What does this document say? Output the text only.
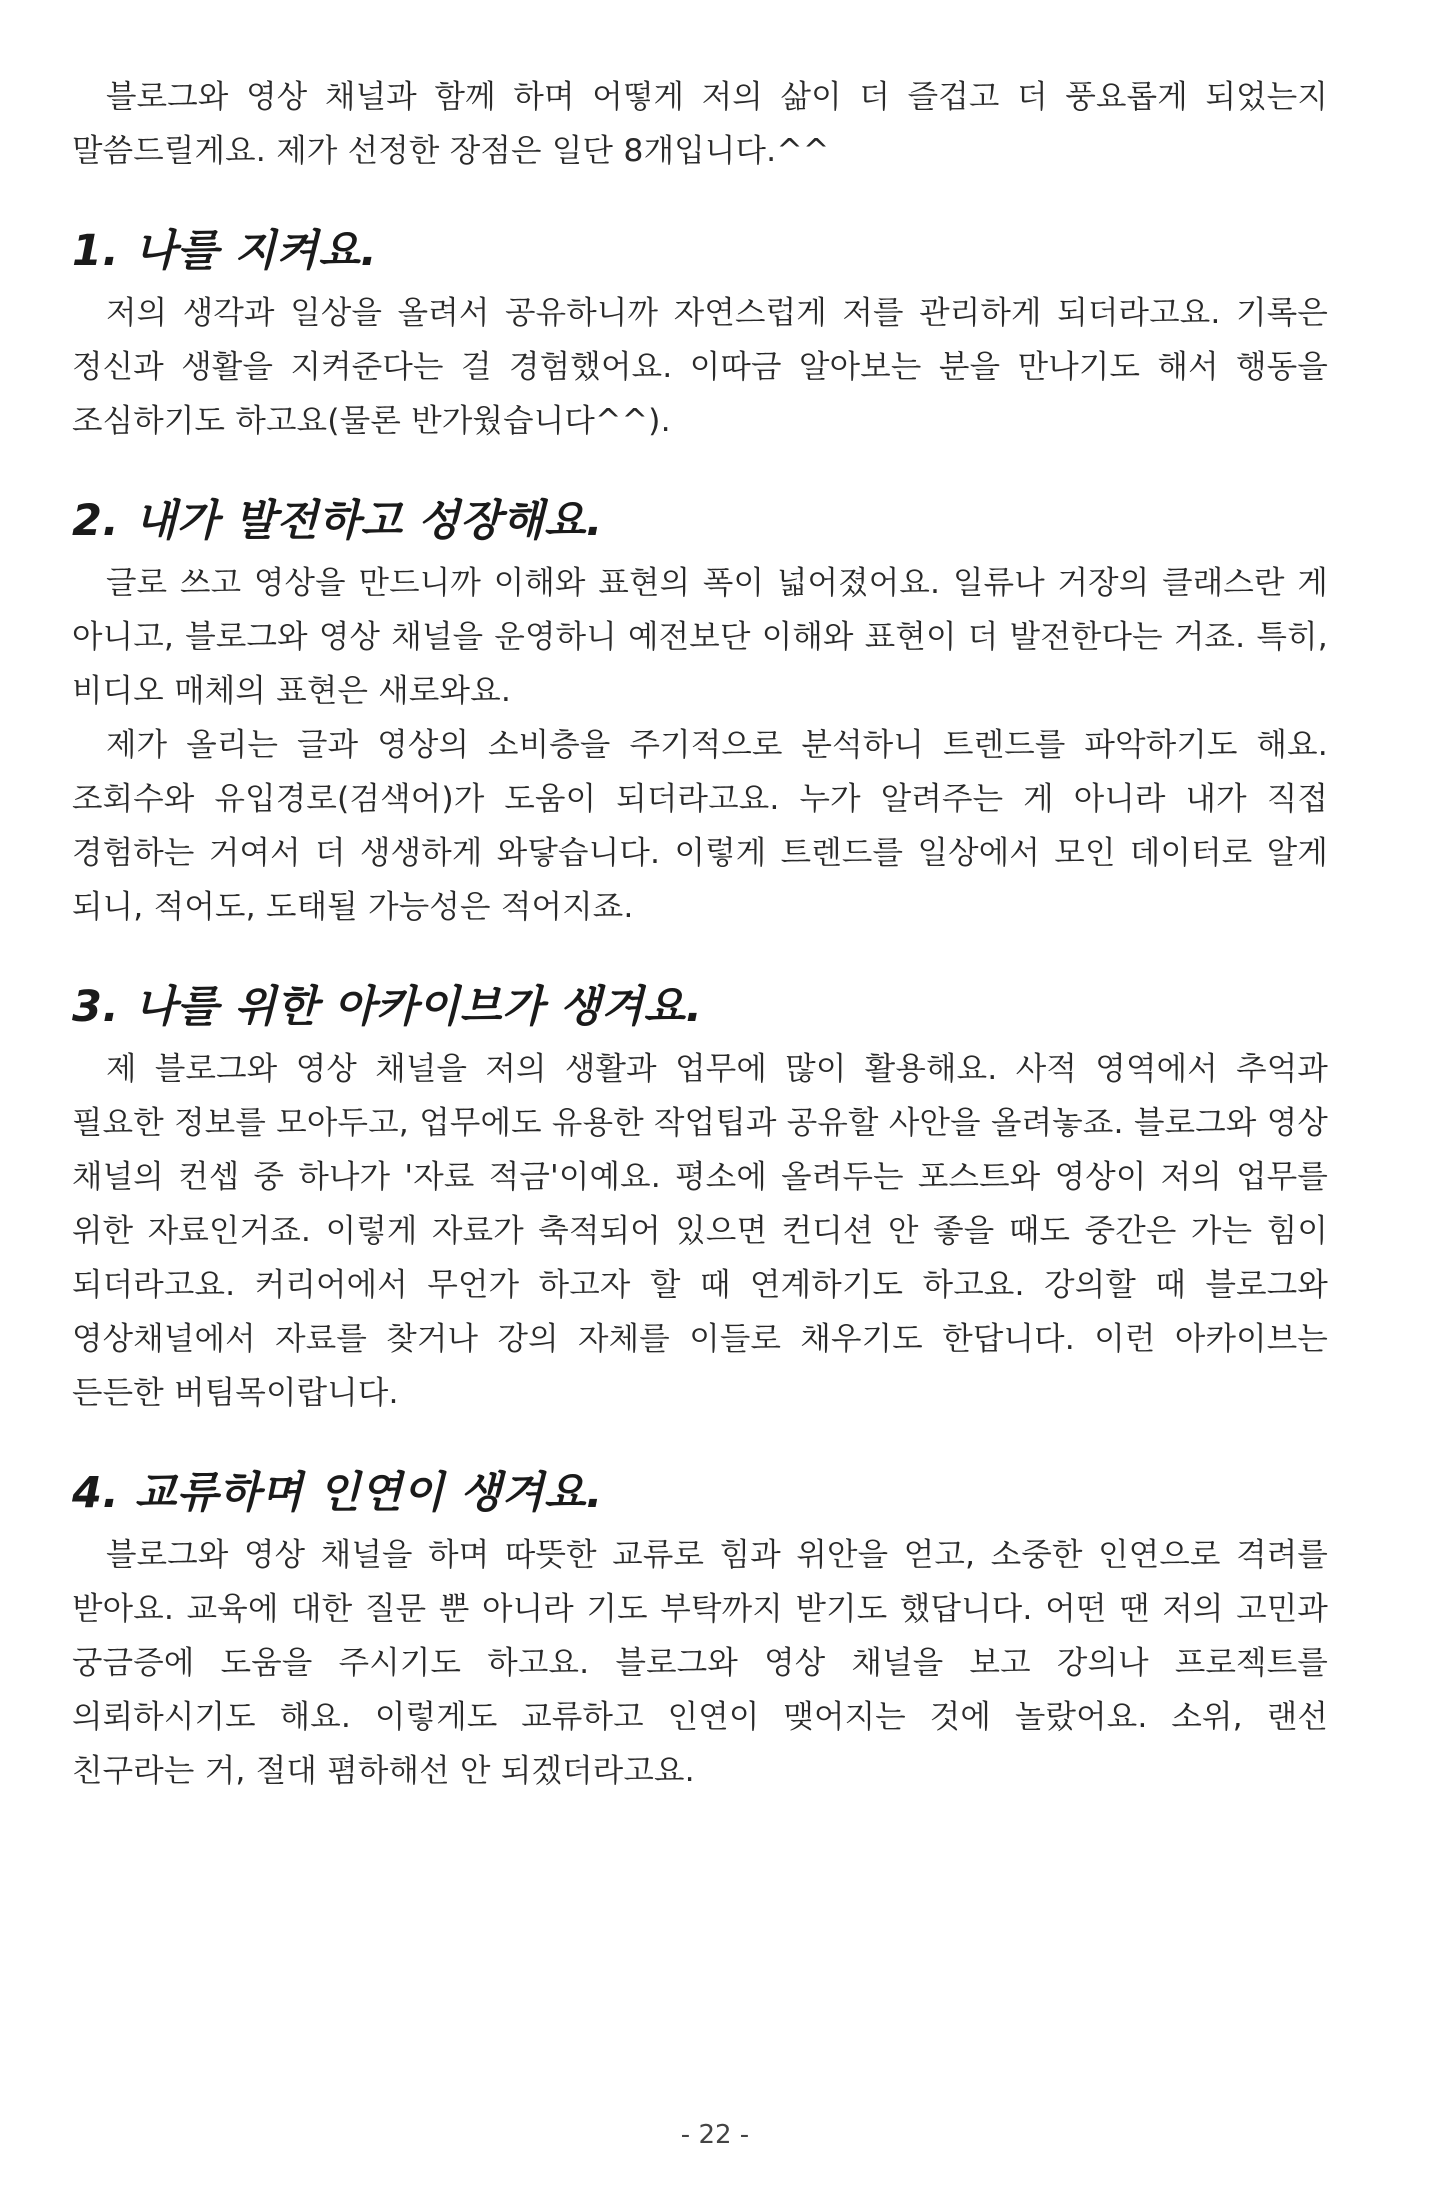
블로그와 영상 채널과 함께 하며 어떻게 저의 삶이 더 즐겁고 더 풍요롭게 되었는지 말씀드릴게요. 제가 선정한 장점은 일단 8개입니다.^^

1. 나를 지켜요.

저의 생각과 일상을 올려서 공유하니까 자연스럽게 저를 관리하게 되더라고요. 기록은 정신과 생활을 지켜준다는 걸 경험했어요. 이따금 알아보는 분을 만나기도 해서 행동을 조심하기도 하고요(물론 반가웠습니다^^).

2. 내가 발전하고 성장해요.

글로 쓰고 영상을 만드니까 이해와 표현의 폭이 넓어졌어요. 일류나 거장의 클래스란 게 아니고, 블로그와 영상 채널을 운영하니 예전보단 이해와 표현이 더 발전한다는 거죠. 특히, 비디오 매체의 표현은 새로와요.

제가 올리는 글과 영상의 소비층을 주기적으로 분석하니 트렌드를 파악하기도 해요. 조회수와 유입경로(검색어)가 도움이 되더라고요. 누가 알려주는 게 아니라 내가 직접 경험하는 거여서 더 생생하게 와닿습니다. 이렇게 트렌드를 일상에서 모인 데이터로 알게 되니, 적어도, 도태될 가능성은 적어지죠.

3. 나를 위한 아카이브가 생겨요.

제 블로그와 영상 채널을 저의 생활과 업무에 많이 활용해요. 사적 영역에서 추억과 필요한 정보를 모아두고, 업무에도 유용한 작업팁과 공유할 사안을 올려놓죠. 블로그와 영상 채널의 컨셉 중 하나가 '자료 적금'이예요. 평소에 올려두는 포스트와 영상이 저의 업무를 위한 자료인거죠. 이렇게 자료가 축적되어 있으면 컨디션 안 좋을 때도 중간은 가는 힘이 되더라고요. 커리어에서 무언가 하고자 할 때 연계하기도 하고요. 강의할 때 블로그와 영상채널에서 자료를 찾거나 강의 자체를 이들로 채우기도 한답니다. 이런 아카이브는 든든한 버팀목이랍니다.

4. 교류하며 인연이 생겨요.

블로그와 영상 채널을 하며 따뜻한 교류로 힘과 위안을 얻고, 소중한 인연으로 격려를 받아요. 교육에 대한 질문 뿐 아니라 기도 부탁까지 받기도 했답니다. 어떤 땐 저의 고민과 궁금증에 도움을 주시기도 하고요. 블로그와 영상 채널을 보고 강의나 프로젝트를 의뢰하시기도 해요. 이렇게도 교류하고 인연이 맺어지는 것에 놀랐어요. 소위, 랜선 친구라는 거, 절대 폄하해선 안 되겠더라고요.

- 22 -
